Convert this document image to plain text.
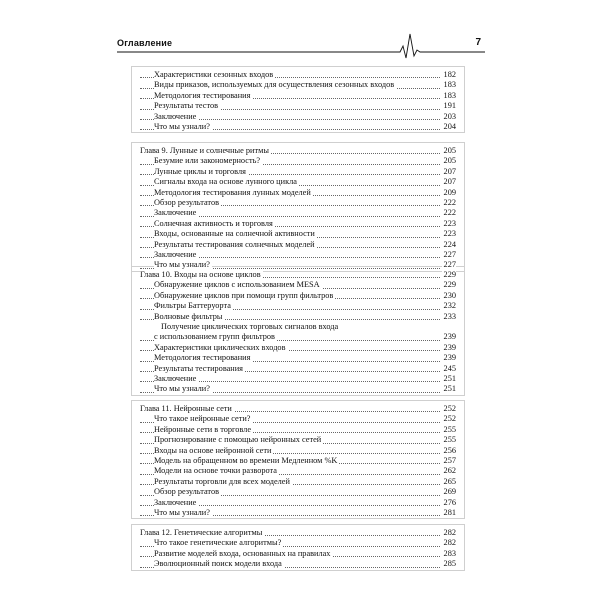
Оглавление	7
Характеристики сезонных входов	182
Виды приказов, используемых для осуществления сезонных входов	183
Методология тестирования	183
Результаты тестов	191
Заключение	203
Что мы узнали?	204
Глава 9. Лунные и солнечные ритмы	205
Безумие или закономерность?	205
Лунные циклы и торговля	207
Сигналы входа на основе лунного цикла	207
Методология тестирования лунных моделей	209
Обзор результатов	222
Заключение	222
Солнечная активность и торговля	223
Входы, основанные на солнечной активности	223
Результаты тестирования солнечных моделей	224
Заключение	227
Что мы узнали?	227
Глава 10. Входы на основе циклов	229
Обнаружение циклов с использованием MESA	229
Обнаружение циклов при помощи групп фильтров	230
Фильтры Баттеруорта	232
Волновые фильтры	233
Получение циклических торговых сигналов входа
с использованием групп фильтров	239
Характеристики циклических входов	239
Методология тестирования	239
Результаты тестирования	245
Заключение	251
Что мы узнали?	251
Глава 11. Нейронные сети	252
Что такое нейронные сети?	252
Нейронные сети в торговле	255
Прогнозирование с помощью нейронных сетей	255
Входы на основе нейронной сети	256
Модель на обращенном во времени Медленном %K	257
Модели на основе точки разворота	262
Результаты торговли для всех моделей	265
Обзор результатов	269
Заключение	276
Что мы узнали?	281
Глава 12. Генетические алгоритмы	282
Что такое генетические алгоритмы?	282
Развитие моделей входа, основанных на правилах	283
Эволюционный поиск модели входа	285
